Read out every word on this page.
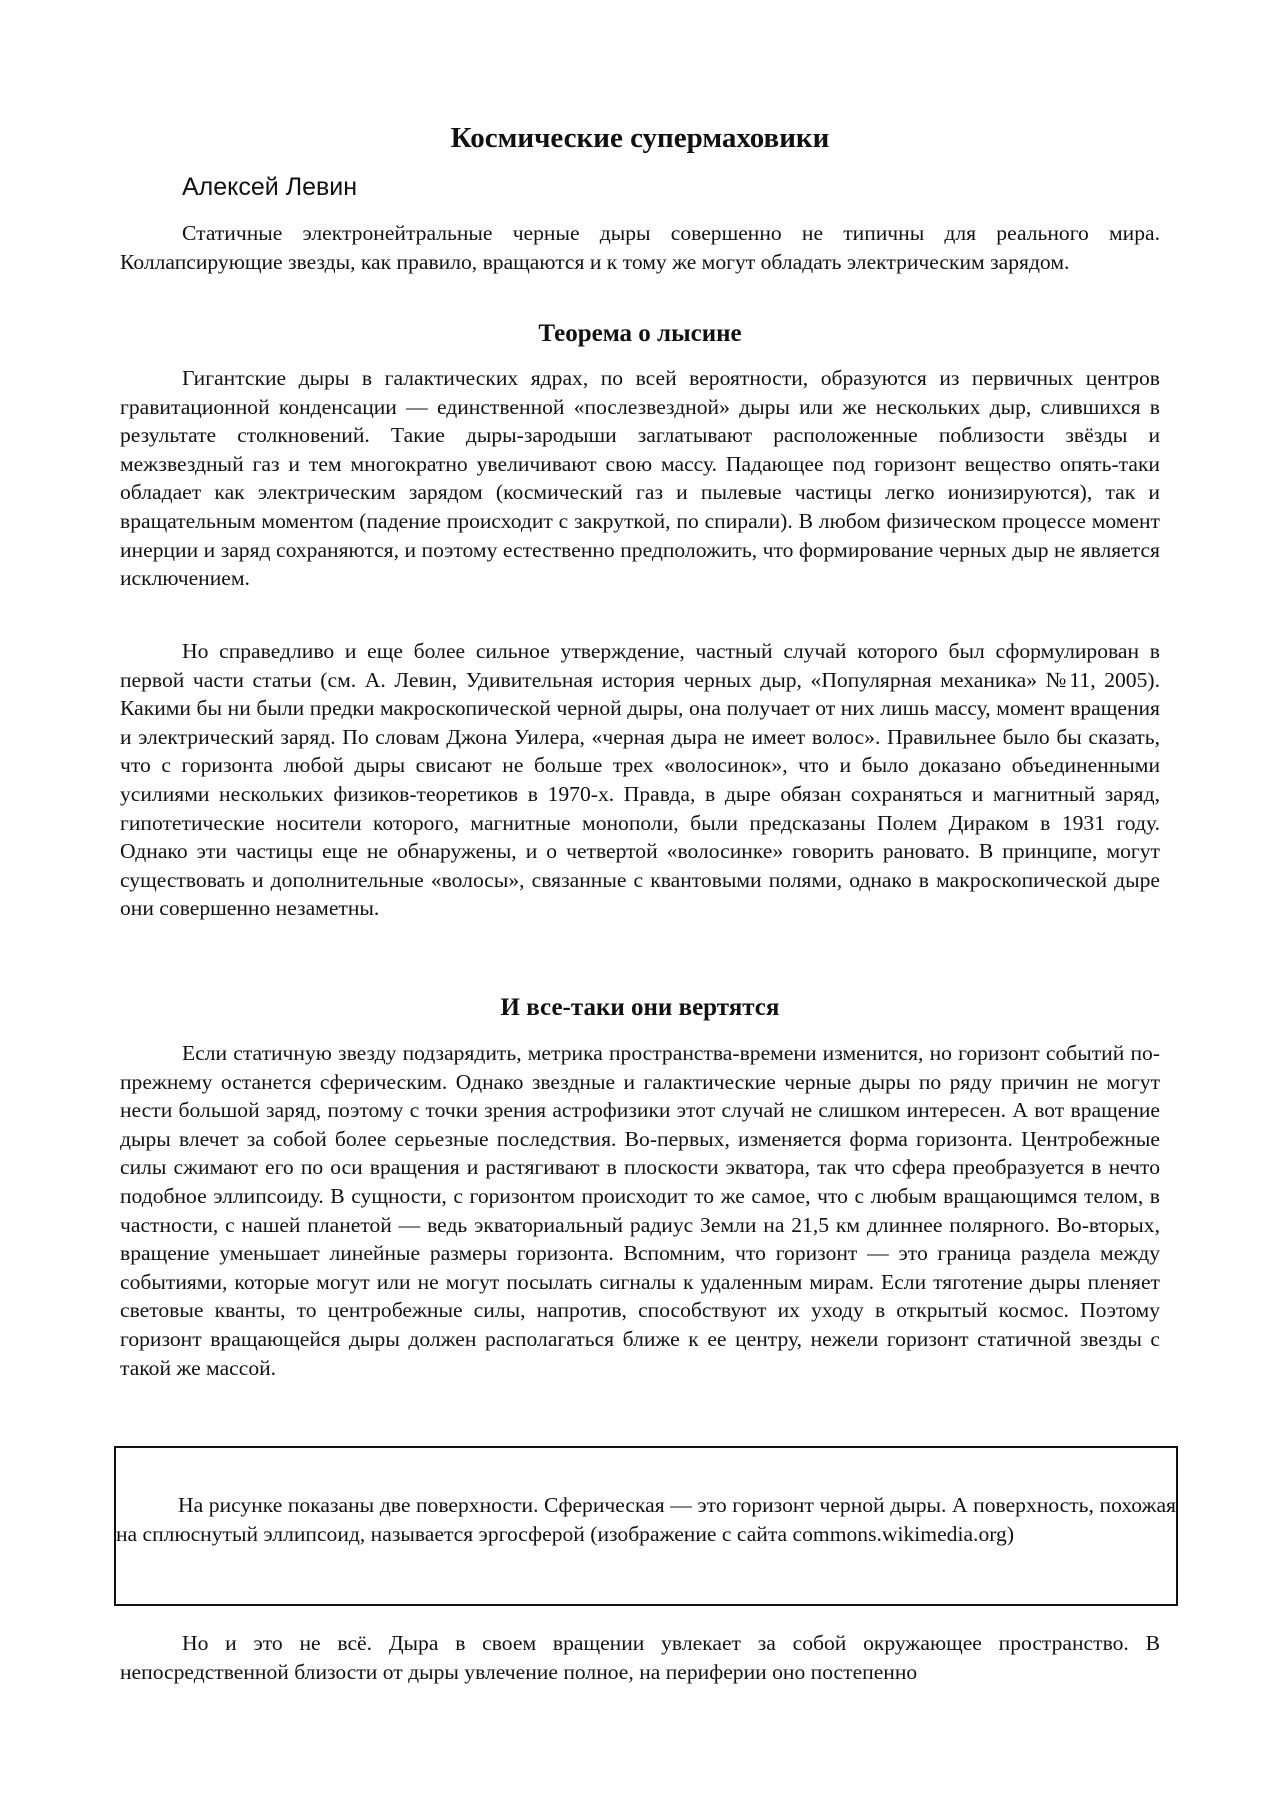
Космические супермаховики

Алексей Левин

Статичные электронейтральные черные дыры совершенно не типичны для реального мира. Коллапсирующие звезды, как правило, вращаются и к тому же могут обладать электрическим зарядом.

Теорема о лысине

Гигантские дыры в галактических ядрах, по всей вероятности, образуются из первичных центров гравитационной конденсации — единственной «послезвездной» дыры или же нескольких дыр, слившихся в результате столкновений. Такие дыры-зародыши заглатывают расположенные поблизости звёзды и межзвездный газ и тем многократно увеличивают свою массу. Падающее под горизонт вещество опять-таки обладает как электрическим зарядом (космический газ и пылевые частицы легко ионизируются), так и вращательным моментом (падение происходит с закруткой, по спирали). В любом физическом процессе момент инерции и заряд сохраняются, и поэтому естественно предположить, что формирование черных дыр не является исключением.

Но справедливо и еще более сильное утверждение, частный случай которого был сформулирован в первой части статьи (см. А. Левин, Удивительная история черных дыр, «Популярная механика» №11, 2005). Какими бы ни были предки макроскопической черной дыры, она получает от них лишь массу, момент вращения и электрический заряд. По словам Джона Уилера, «черная дыра не имеет волос». Правильнее было бы сказать, что с горизонта любой дыры свисают не больше трех «волосинок», что и было доказано объединенными усилиями нескольких физиков-теоретиков в 1970-х. Правда, в дыре обязан сохраняться и магнитный заряд, гипотетические носители которого, магнитные монополи, были предсказаны Полем Дираком в 1931 году. Однако эти частицы еще не обнаружены, и о четвертой «волосинке» говорить рановато. В принципе, могут существовать и дополнительные «волосы», связанные с квантовыми полями, однако в макроскопической дыре они совершенно незаметны.

И все-таки они вертятся

Если статичную звезду подзарядить, метрика пространства-времени изменится, но горизонт событий по-прежнему останется сферическим. Однако звездные и галактические черные дыры по ряду причин не могут нести большой заряд, поэтому с точки зрения астрофизики этот случай не слишком интересен. А вот вращение дыры влечет за собой более серьезные последствия. Во-первых, изменяется форма горизонта. Центробежные силы сжимают его по оси вращения и растягивают в плоскости экватора, так что сфера преобразуется в нечто подобное эллипсоиду. В сущности, с горизонтом происходит то же самое, что с любым вращающимся телом, в частности, с нашей планетой — ведь экваториальный радиус Земли на 21,5 км длиннее полярного. Во-вторых, вращение уменьшает линейные размеры горизонта. Вспомним, что горизонт — это граница раздела между событиями, которые могут или не могут посылать сигналы к удаленным мирам. Если тяготение дыры пленяет световые кванты, то центробежные силы, напротив, способствуют их уходу в открытый космос. Поэтому горизонт вращающейся дыры должен располагаться ближе к ее центру, нежели горизонт статичной звезды с такой же массой.

На рисунке показаны две поверхности. Сферическая — это горизонт черной дыры. А поверхность, похожая на сплюснутый эллипсоид, называется эргосферой (изображение с сайта commons.wikimedia.org)

Но и это не всё. Дыра в своем вращении увлекает за собой окружающее пространство. В непосредственной близости от дыры увлечение полное, на периферии оно постепенно
